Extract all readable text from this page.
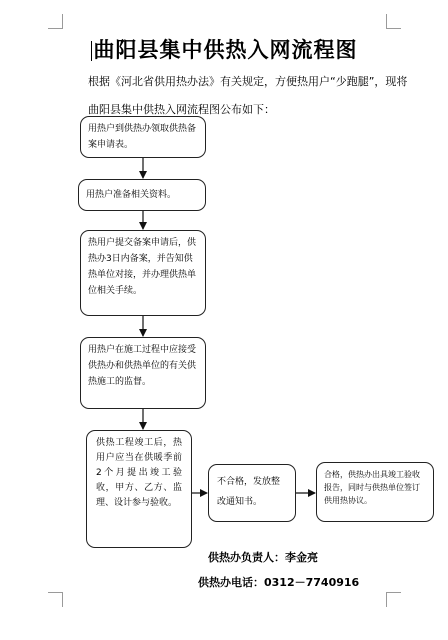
曲阳县集中供热入网流程图

根据《河北省供用热办法》有关规定，方便热用户“少跑腿”，现将曲阳县集中供热入网流程图公布如下：

用热户到供热办领取供热备案申请表。
用热户准备相关资料。
热用户提交备案申请后，供热办3日内备案，并告知供热单位对接，并办理供热单位相关手续。
用热户在施工过程中应接受供热办和供热单位的有关供热施工的监督。
供热工程竣工后，热用户应当在供暖季前2个月提出竣工验收，甲方、乙方、监理、设计参与验收。
不合格，发放整改通知书。
合格，供热办出具竣工验收报告，同时与供热单位签订供用热协议。
供热办负责人：李金亮
供热办电话：0312－7740916
